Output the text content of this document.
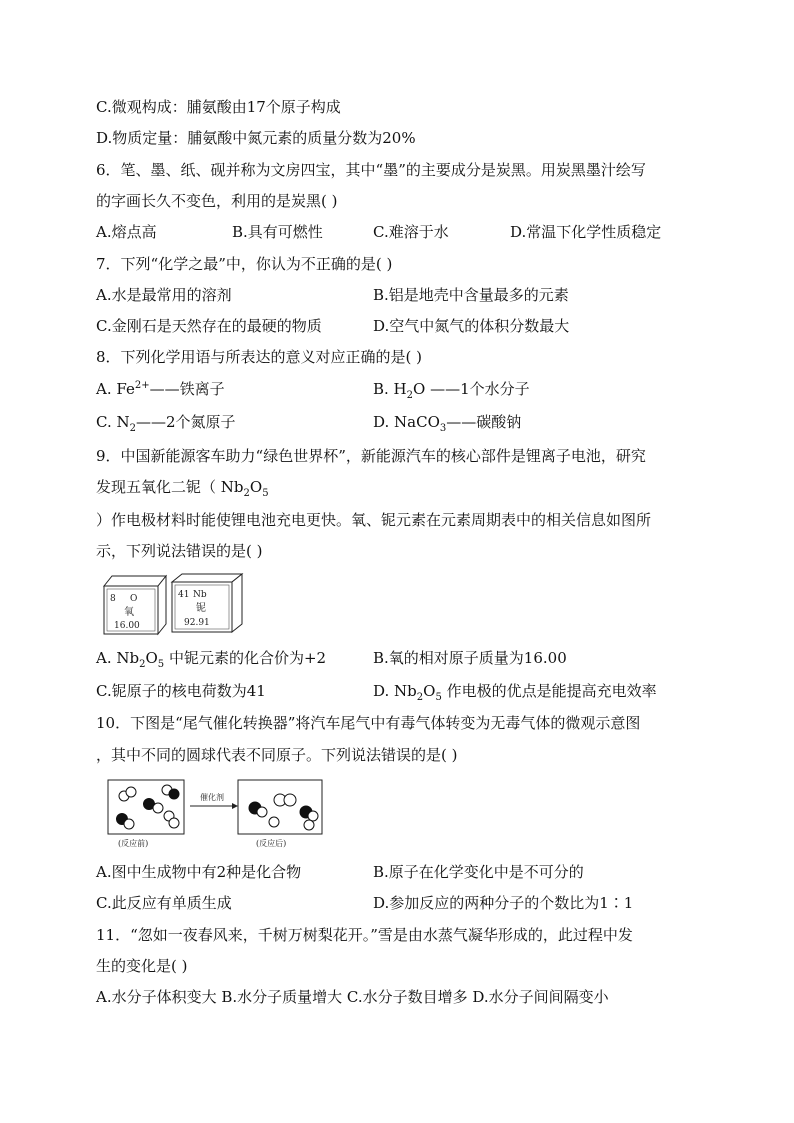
C.微观构成：脯氨酸由17个原子构成
D.物质定量：脯氨酸中氮元素的质量分数为20%
6．笔、墨、纸、砚并称为文房四宝，其中“墨”的主要成分是炭黑。用炭黑墨汁绘写
的字画长久不变色，利用的是炭黑( )
A.熔点高	B.具有可燃性	C.难溶于水	D.常温下化学性质稳定
7．下列“化学之最”中，你认为不正确的是( )
A.水是最常用的溶剂	B.铝是地壳中含量最多的元素
C.金刚石是天然存在的最硬的物质	D.空气中氮气的体积分数最大
8．下列化学用语与所表达的意义对应正确的是( )
A. $Fe^{2+}——$铁离子	B. $H_2O$ ——1个水分子
C. $N_2——2$个氮原子	D. NaCO$_3$——碳酸钠
9．中国新能源客车助力“绿色世界杯”，新能源汽车的核心部件是锂离子电池，研究
发现五氧化二铌（ $Nb_2O_5$
）作电极材料时能使锂电池充电更快。氧、铌元素在元素周期表中的相关信息如图所
示，下列说法错误的是( )
8 O
氧
16.00
41 Nb
铌
92.91
A. $Nb_2O_5$ 中铌元素的化合价为+2	B.氧的相对原子质量为16.00
C.铌原子的核电荷数为41	D. $Nb_2O_5$ 作电极的优点是能提高充电效率
10．下图是“尾气催化转换器”将汽车尾气中有毒气体转变为无毒气体的微观示意图
，其中不同的圆球代表不同原子。下列说法错误的是( )
催化剂
(反应前)	(反应后)
A.图中生成物中有2种是化合物	B.原子在化学变化中是不可分的
C.此反应有单质生成	D.参加反应的两种分子的个数比为1∶1
11．“忽如一夜春风来，千树万树梨花开。”雪是由水蒸气凝华形成的，此过程中发
生的变化是( )
A.水分子体积变大 B.水分子质量增大 C.水分子数目增多 D.水分子间间隔变小
